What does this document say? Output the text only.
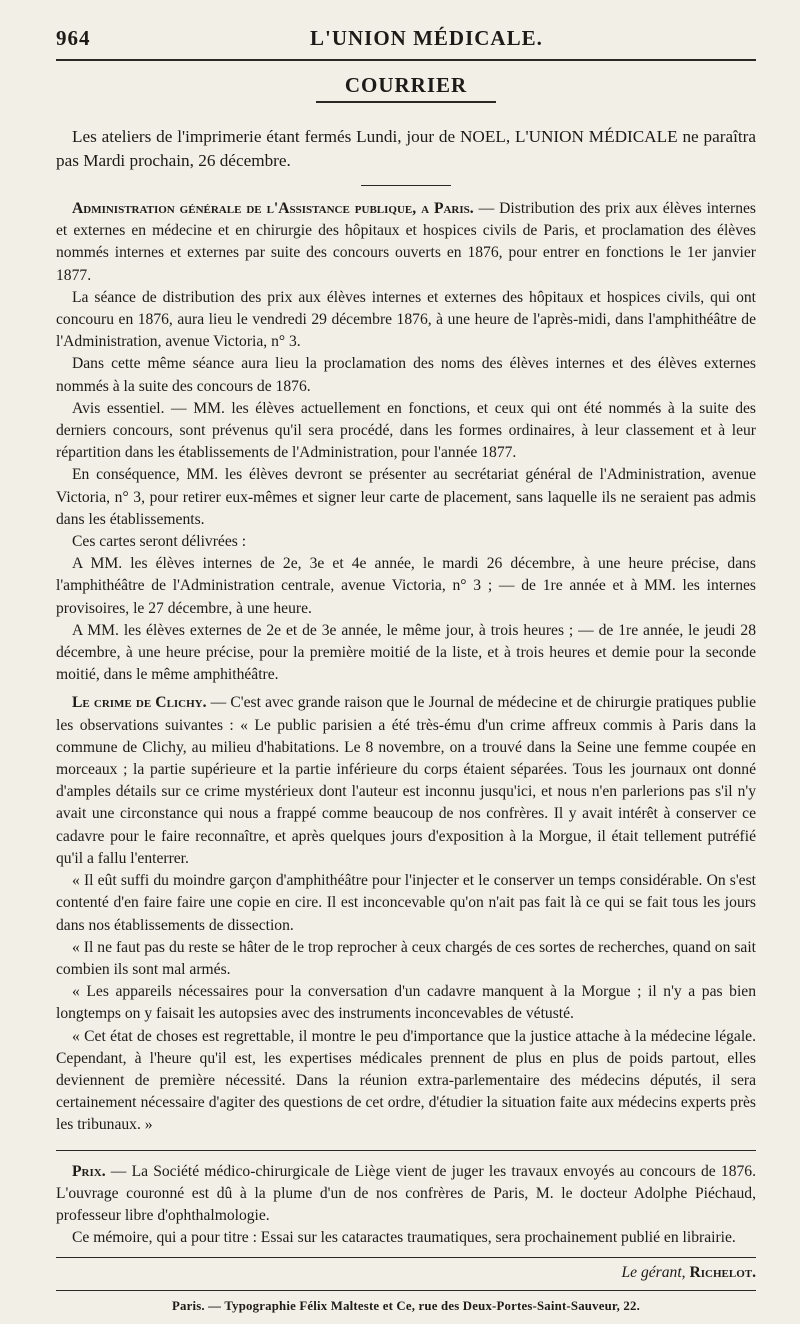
964	L'UNION MÉDICALE.
COURRIER

Les ateliers de l'imprimerie étant fermés Lundi, jour de NOEL, L'UNION MÉDICALE ne paraîtra pas Mardi prochain, 26 décembre.

Administration générale de l'Assistance publique, a Paris. — Distribution des prix aux élèves internes et externes en médecine et en chirurgie des hôpitaux et hospices civils de Paris, et proclamation des élèves nommés internes et externes par suite des concours ouverts en 1876, pour entrer en fonctions le 1er janvier 1877.

La séance de distribution des prix aux élèves internes et externes des hôpitaux et hospices civils, qui ont concouru en 1876, aura lieu le vendredi 29 décembre 1876, à une heure de l'après-midi, dans l'amphithéâtre de l'Administration, avenue Victoria, n° 3.

Dans cette même séance aura lieu la proclamation des noms des élèves internes et des élèves externes nommés à la suite des concours de 1876.

Avis essentiel. — MM. les élèves actuellement en fonctions, et ceux qui ont été nommés à la suite des derniers concours, sont prévenus qu'il sera procédé, dans les formes ordinaires, à leur classement et à leur répartition dans les établissements de l'Administration, pour l'année 1877.

En conséquence, MM. les élèves devront se présenter au secrétariat général de l'Administration, avenue Victoria, n° 3, pour retirer eux-mêmes et signer leur carte de placement, sans laquelle ils ne seraient pas admis dans les établissements.

Ces cartes seront délivrées :

A MM. les élèves internes de 2e, 3e et 4e année, le mardi 26 décembre, à une heure précise, dans l'amphithéâtre de l'Administration centrale, avenue Victoria, n° 3 ; — de 1re année et à MM. les internes provisoires, le 27 décembre, à une heure.

A MM. les élèves externes de 2e et de 3e année, le même jour, à trois heures ; — de 1re année, le jeudi 28 décembre, à une heure précise, pour la première moitié de la liste, et à trois heures et demie pour la seconde moitié, dans le même amphithéâtre.

Le crime de Clichy. — C'est avec grande raison que le Journal de médecine et de chirurgie pratiques publie les observations suivantes : « Le public parisien a été très-ému d'un crime affreux commis à Paris dans la commune de Clichy, au milieu d'habitations. Le 8 novembre, on a trouvé dans la Seine une femme coupée en morceaux ; la partie supérieure et la partie inférieure du corps étaient séparées. Tous les journaux ont donné d'amples détails sur ce crime mystérieux dont l'auteur est inconnu jusqu'ici, et nous n'en parlerions pas s'il n'y avait une circonstance qui nous a frappé comme beaucoup de nos confrères. Il y avait intérêt à conserver ce cadavre pour le faire reconnaître, et après quelques jours d'exposition à la Morgue, il était tellement putréfié qu'il a fallu l'enterrer.

« Il eût suffi du moindre garçon d'amphithéâtre pour l'injecter et le conserver un temps considérable. On s'est contenté d'en faire faire une copie en cire. Il est inconcevable qu'on n'ait pas fait là ce qui se fait tous les jours dans nos établissements de dissection.

« Il ne faut pas du reste se hâter de le trop reprocher à ceux chargés de ces sortes de recherches, quand on sait combien ils sont mal armés.

« Les appareils nécessaires pour la conversation d'un cadavre manquent à la Morgue ; il n'y a pas bien longtemps on y faisait les autopsies avec des instruments inconcevables de vétusté.

« Cet état de choses est regrettable, il montre le peu d'importance que la justice attache à la médecine légale. Cependant, à l'heure qu'il est, les expertises médicales prennent de plus en plus de poids partout, elles deviennent de première nécessité. Dans la réunion extra-parlementaire des médecins députés, il sera certainement nécessaire d'agiter des questions de cet ordre, d'étudier la situation faite aux médecins experts près les tribunaux. »

Prix. — La Société médico-chirurgicale de Liège vient de juger les travaux envoyés au concours de 1876. L'ouvrage couronné est dû à la plume d'un de nos confrères de Paris, M. le docteur Adolphe Piéchaud, professeur libre d'ophthalmologie.

Ce mémoire, qui a pour titre : Essai sur les cataractes traumatiques, sera prochainement publié en librairie.

Le gérant, Richelot.
Paris. — Typographie Félix Malteste et Ce, rue des Deux-Portes-Saint-Sauveur, 22.
